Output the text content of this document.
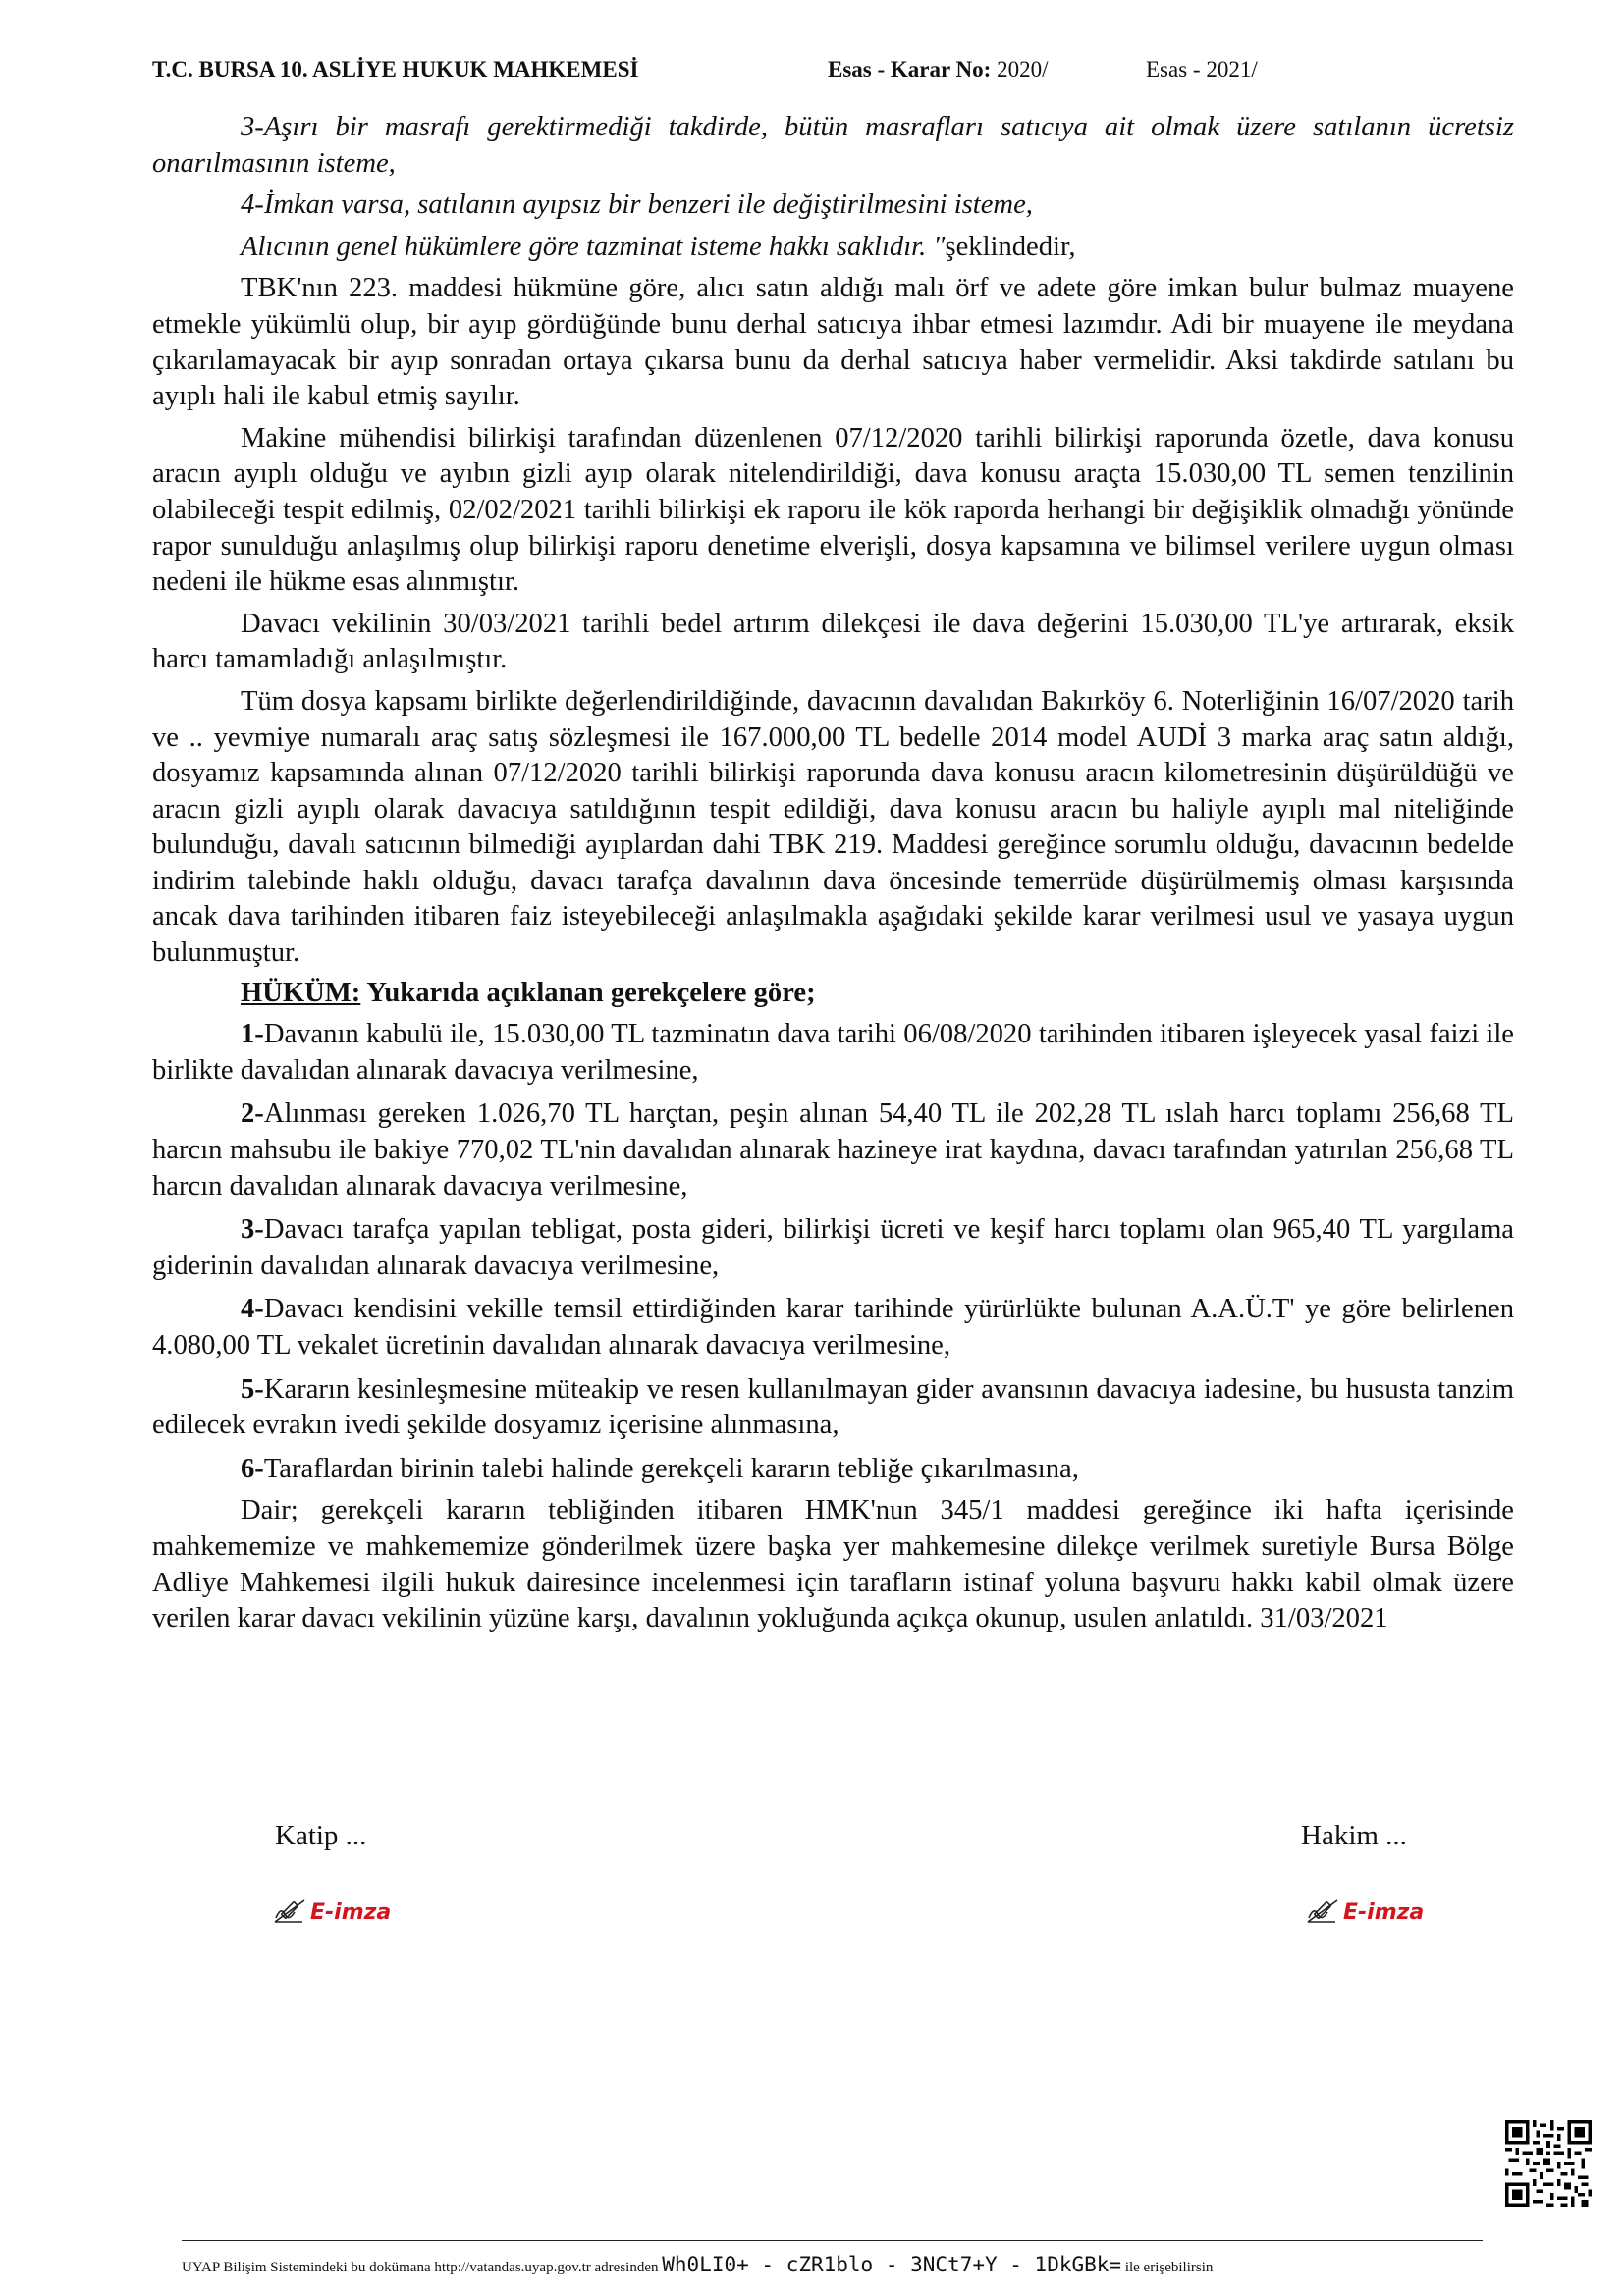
T.C. BURSA 10. ASLİYE HUKUK MAHKEMESİ	Esas - Karar No: 2020/	Esas - 2021/

3-Aşırı bir masrafı gerektirmediği takdirde, bütün masrafları satıcıya ait olmak üzere satılanın ücretsiz onarılmasının isteme,

4-İmkan varsa, satılanın ayıpsız bir benzeri ile değiştirilmesini isteme,

Alıcının genel hükümlere göre tazminat isteme hakkı saklıdır. "şeklindedir,

TBK'nın 223. maddesi hükmüne göre, alıcı satın aldığı malı örf ve adete göre imkan bulur bulmaz muayene etmekle yükümlü olup, bir ayıp gördüğünde bunu derhal satıcıya ihbar etmesi lazımdır. Adi bir muayene ile meydana çıkarılamayacak bir ayıp sonradan ortaya çıkarsa bunu da derhal satıcıya haber vermelidir. Aksi takdirde satılanı bu ayıplı hali ile kabul etmiş sayılır.

Makine mühendisi bilirkişi tarafından düzenlenen 07/12/2020 tarihli bilirkişi raporunda özetle, dava konusu aracın ayıplı olduğu ve ayıbın gizli ayıp olarak nitelendirildiği, dava konusu araçta 15.030,00 TL semen tenzilinin olabileceği tespit edilmiş, 02/02/2021 tarihli bilirkişi ek raporu ile kök raporda herhangi bir değişiklik olmadığı yönünde rapor sunulduğu anlaşılmış olup bilirkişi raporu denetime elverişli, dosya kapsamına ve bilimsel verilere uygun olması nedeni ile hükme esas alınmıştır.

Davacı vekilinin 30/03/2021 tarihli bedel artırım dilekçesi ile dava değerini 15.030,00 TL'ye artırarak, eksik harcı tamamladığı anlaşılmıştır.

Tüm dosya kapsamı birlikte değerlendirildiğinde, davacının davalıdan Bakırköy 6. Noterliğinin 16/07/2020 tarih ve .. yevmiye numaralı araç satış sözleşmesi ile 167.000,00 TL bedelle 2014 model AUDİ 3 marka araç satın aldığı, dosyamız kapsamında alınan 07/12/2020 tarihli bilirkişi raporunda dava konusu aracın kilometresinin düşürüldüğü ve aracın gizli ayıplı olarak davacıya satıldığının tespit edildiği, dava konusu aracın bu haliyle ayıplı mal niteliğinde bulunduğu, davalı satıcının bilmediği ayıplardan dahi TBK 219. Maddesi gereğince sorumlu olduğu, davacının bedelde indirim talebinde haklı olduğu, davacı tarafça davalının dava öncesinde temerrüde düşürülmemiş olması karşısında ancak dava tarihinden itibaren faiz isteyebileceği anlaşılmakla aşağıdaki şekilde karar verilmesi usul ve yasaya uygun bulunmuştur.

HÜKÜM: Yukarıda açıklanan gerekçelere göre;

1-Davanın kabulü ile, 15.030,00 TL tazminatın dava tarihi 06/08/2020 tarihinden itibaren işleyecek yasal faizi ile birlikte davalıdan alınarak davacıya verilmesine,

2-Alınması gereken 1.026,70 TL harçtan, peşin alınan 54,40 TL ile 202,28 TL ıslah harcı toplamı 256,68 TL harcın mahsubu ile bakiye 770,02 TL'nin davalıdan alınarak hazineye irat kaydına, davacı tarafından yatırılan 256,68 TL harcın davalıdan alınarak davacıya verilmesine,

3-Davacı tarafça yapılan tebligat, posta gideri, bilirkişi ücreti ve keşif harcı toplamı olan 965,40 TL yargılama giderinin davalıdan alınarak davacıya verilmesine,

4-Davacı kendisini vekille temsil ettirdiğinden karar tarihinde yürürlükte bulunan A.A.Ü.T' ye göre belirlenen 4.080,00 TL vekalet ücretinin davalıdan alınarak davacıya verilmesine,

5-Kararın kesinleşmesine müteakip ve resen kullanılmayan gider avansının davacıya iadesine, bu hususta tanzim edilecek evrakın ivedi şekilde dosyamız içerisine alınmasına,

6-Taraflardan birinin talebi halinde gerekçeli kararın tebliğe çıkarılmasına,

Dair; gerekçeli kararın tebliğinden itibaren HMK'nun 345/1 maddesi gereğince iki hafta içerisinde mahkememize ve mahkememize gönderilmek üzere başka yer mahkemesine dilekçe verilmek suretiyle Bursa Bölge Adliye Mahkemesi ilgili hukuk dairesince incelenmesi için tarafların istinaf yoluna başvuru hakkı kabil olmak üzere verilen karar davacı vekilinin yüzüne karşı, davalının yokluğunda açıkça okunup, usulen anlatıldı. 31/03/2021

Katip ...	Hakim ...
E-imza	E-imza
UYAP Bilişim Sistemindeki bu dokümana http://vatandas.uyap.gov.tr adresinden Wh0LI0+ - cZR1blo - 3NCt7+Y - 1DkGBk= ile erişebilirsin
